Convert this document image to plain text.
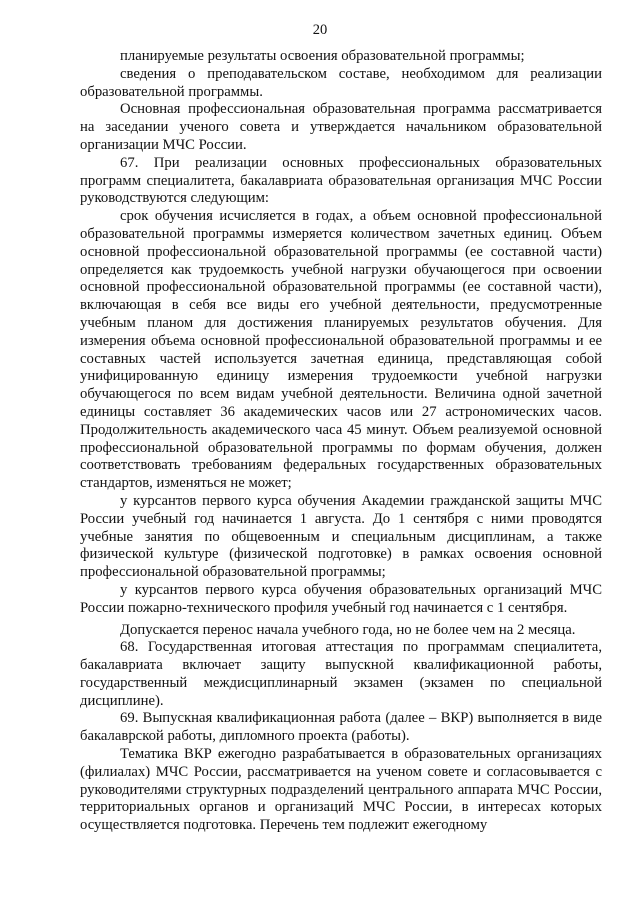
20

планируемые результаты освоения образовательной программы;

сведения о преподавательском составе, необходимом для реализации образовательной программы.

Основная профессиональная образовательная программа рассматривается на заседании ученого совета и утверждается начальником образовательной организации МЧС России.

67. При реализации основных профессиональных образовательных программ специалитета, бакалавриата образовательная организация МЧС России руководствуются следующим:

срок обучения исчисляется в годах, а объем основной профессиональной образовательной программы измеряется количеством зачетных единиц. Объем основной профессиональной образовательной программы (ее составной части) определяется как трудоемкость учебной нагрузки обучающегося при освоении основной профессиональной образовательной программы (ее составной части), включающая в себя все виды его учебной деятельности, предусмотренные учебным планом для достижения планируемых результатов обучения. Для измерения объема основной профессиональной образовательной программы и ее составных частей используется зачетная единица, представляющая собой унифицированную единицу измерения трудоемкости учебной нагрузки обучающегося по всем видам учебной деятельности. Величина одной зачетной единицы составляет 36 академических часов или 27 астрономических часов. Продолжительность академического часа 45 минут. Объем реализуемой основной профессиональной образовательной программы по формам обучения, должен соответствовать требованиям федеральных государственных образовательных стандартов, изменяться не может;

у курсантов первого курса обучения Академии гражданской защиты МЧС России учебный год начинается 1 августа. До 1 сентября с ними проводятся учебные занятия по общевоенным и специальным дисциплинам, а также физической культуре (физической подготовке) в рамках освоения основной профессиональной образовательной программы;

у курсантов первого курса обучения образовательных организаций МЧС России пожарно-технического профиля учебный год начинается с 1 сентября.

Допускается перенос начала учебного года, но не более чем на 2 месяца.

68. Государственная итоговая аттестация по программам специалитета, бакалавриата включает защиту выпускной квалификационной работы, государственный междисциплинарный экзамен (экзамен по специальной дисциплине).

69. Выпускная квалификационная работа (далее – ВКР) выполняется в виде бакалаврской работы, дипломного проекта (работы).

Тематика ВКР ежегодно разрабатывается в образовательных организациях (филиалах) МЧС России, рассматривается на ученом совете и согласовывается с руководителями структурных подразделений центрального аппарата МЧС России, территориальных органов и организаций МЧС России, в интересах которых осуществляется подготовка. Перечень тем подлежит ежегодному
